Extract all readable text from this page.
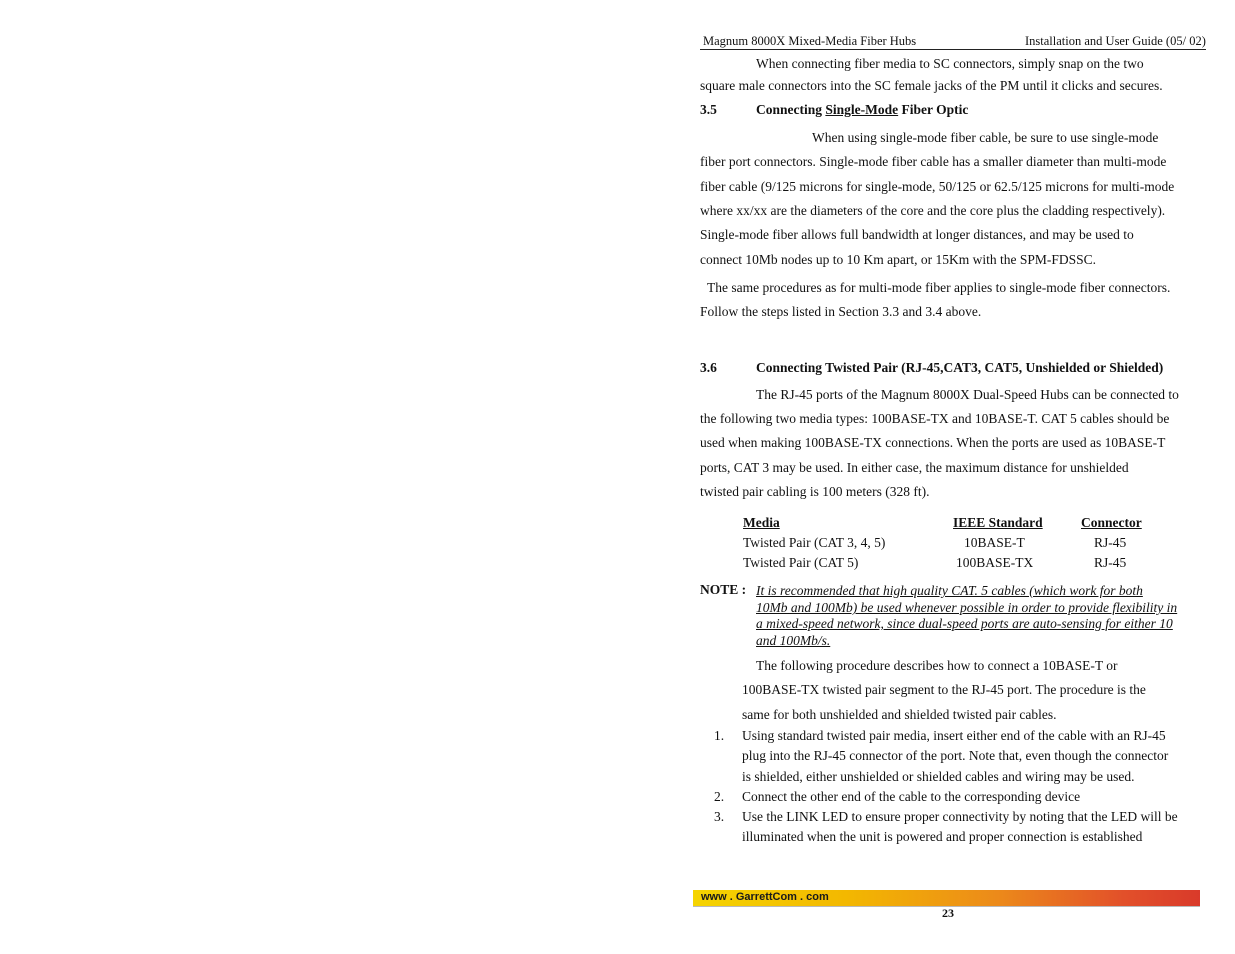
Magnum 8000X Mixed-Media Fiber Hubs	Installation and User Guide (05/ 02)
When connecting fiber media to SC connectors, simply snap on the two
square male connectors into the SC female jacks of the PM until it clicks and secures.
3.5	Connecting Single-Mode Fiber Optic
When using single-mode fiber cable, be sure to use single-mode
fiber port connectors. Single-mode fiber cable has a smaller diameter than multi-mode
fiber cable (9/125 microns for single-mode, 50/125 or 62.5/125 microns for multi-mode
where xx/xx are the diameters of the core and the core plus the cladding respectively).
Single-mode fiber allows full bandwidth at longer distances, and may be used to
connect 10Mb nodes up to 10 Km apart, or 15Km with the SPM-FDSSC.
The same procedures as for multi-mode fiber applies to single-mode fiber connectors.
Follow the steps listed in Section 3.3 and 3.4 above.
3.6	Connecting Twisted Pair (RJ-45,CAT3, CAT5, Unshielded or Shielded)
The RJ-45 ports of the Magnum 8000X Dual-Speed Hubs can be connected to
the following two media types: 100BASE-TX and 10BASE-T. CAT 5 cables should be
used when making 100BASE-TX connections. When the ports are used as 10BASE-T
ports, CAT 3 may be used. In either case, the maximum distance for unshielded
twisted pair cabling is 100 meters (328 ft).
Media	IEEE Standard	Connector
Twisted Pair (CAT 3, 4, 5)	10BASE-T	RJ-45
Twisted Pair (CAT 5)	100BASE-TX	RJ-45
NOTE : It is recommended that high quality CAT. 5 cables (which work for both
10Mb and 100Mb) be used whenever possible in order to provide flexibility in
a mixed-speed network, since dual-speed ports are auto-sensing for either 10
and 100Mb/s.
The following procedure describes how to connect a 10BASE-T or
100BASE-TX twisted pair segment to the RJ-45 port. The procedure is the
same for both unshielded and shielded twisted pair cables.
1. Using standard twisted pair media, insert either end of the cable with an RJ-45
plug into the RJ-45 connector of the port. Note that, even though the connector
is shielded, either unshielded or shielded cables and wiring may be used.
2. Connect the other end of the cable to the corresponding device
3. Use the LINK LED to ensure proper connectivity by noting that the LED will be
illuminated when the unit is powered and proper connection is established
www . GarrettCom . com
23
